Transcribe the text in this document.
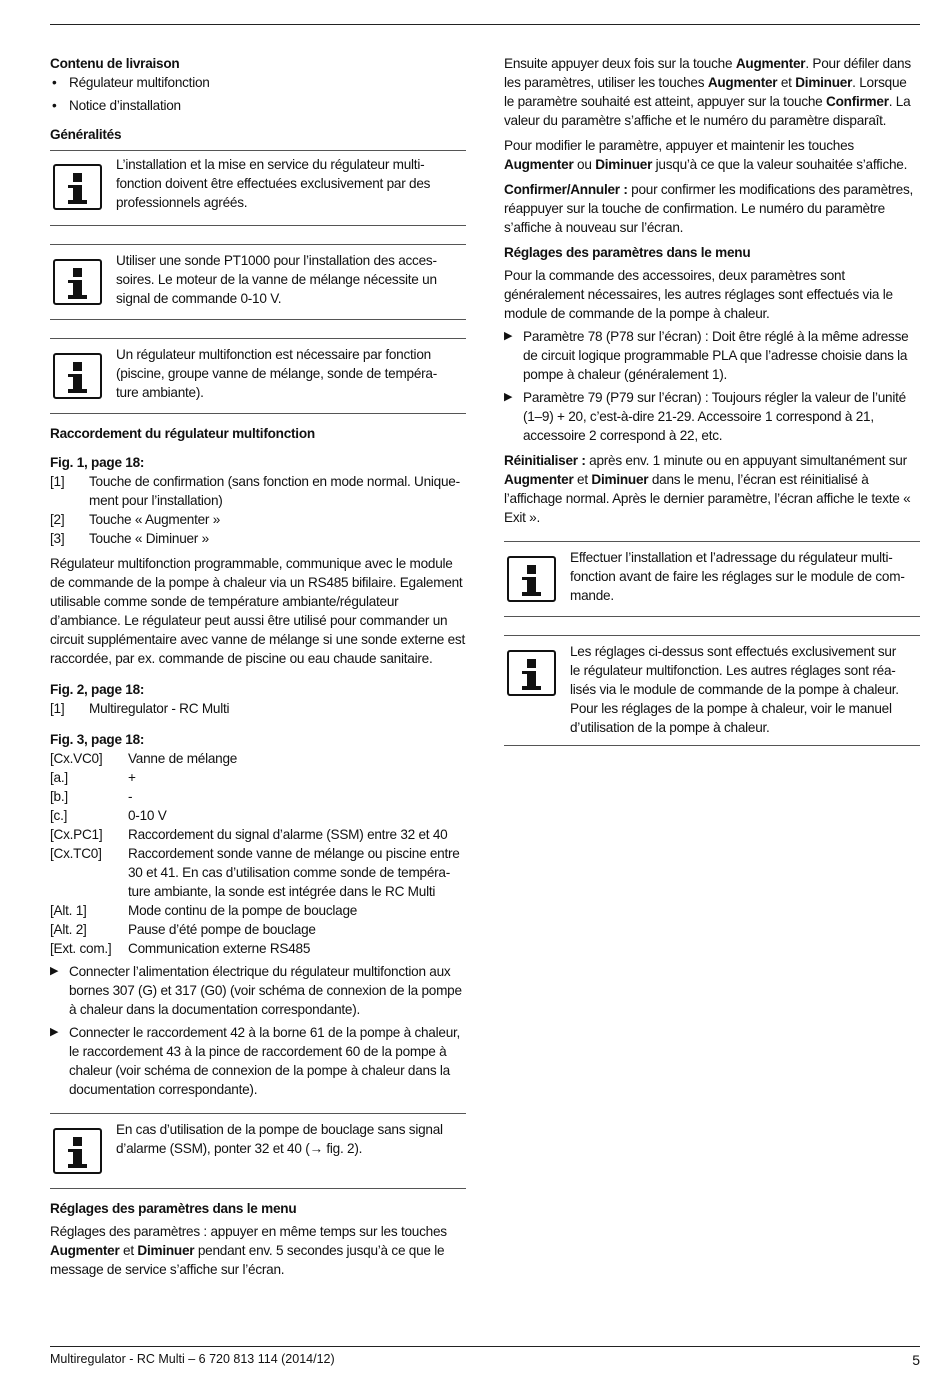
Contenu de livraison
• Régulateur multifonction
• Notice d’installation
Généralités

L’installation et la mise en service du régulateur multi-
fonction doivent être effectuées exclusivement par des
professionnels agréés.

Utiliser une sonde PT1000 pour l’installation des acces-
soires. Le moteur de la vanne de mélange nécessite un
signal de commande 0-10 V.

Un régulateur multifonction est nécessaire par fonction
(piscine, groupe vanne de mélange, sonde de tempéra-
ture ambiante).

Raccordement du régulateur multifonction
Fig. 1, page 18:
[1]	Touche de confirmation (sans fonction en mode normal. Unique-
ment pour l’installation)
[2]	Touche « Augmenter »
[3]	Touche « Diminuer »

Régulateur multifonction programmable, communique avec le module de commande de la pompe à chaleur via un RS485 bifilaire. Egalement utilisable comme sonde de température ambiante/régulateur d’ambiance. Le régulateur peut aussi être utilisé pour commander un circuit supplémentaire avec vanne de mélange si une sonde externe est raccordée, par ex. commande de piscine ou eau chaude sanitaire.

Fig. 2, page 18:
[1]	Multiregulator - RC Multi
Fig. 3, page 18:
[Cx.VC0]	Vanne de mélange
[a.]	+
[b.]	-
[c.]	0-10 V
[Cx.PC1]	Raccordement du signal d’alarme (SSM) entre 32 et 40
[Cx.TC0]	Raccordement sonde vanne de mélange ou piscine entre
30 et 41. En cas d’utilisation comme sonde de tempéra-
ture ambiante, la sonde est intégrée dans le RC Multi
[Alt. 1]	Mode continu de la pompe de bouclage
[Alt. 2]	Pause d’été pompe de bouclage
[Ext. com.]	Communication externe RS485
▶ Connecter l’alimentation électrique du régulateur multifonction aux bornes 307 (G) et 317 (G0) (voir schéma de connexion de la pompe à chaleur dans la documentation correspondante).
▶ Connecter le raccordement 42 à la borne 61 de la pompe à chaleur, le raccordement 43 à la pince de raccordement 60 de la pompe à chaleur (voir schéma de connexion de la pompe à chaleur dans la documentation correspondante).

En cas d’utilisation de la pompe de bouclage sans signal
d’alarme (SSM), ponter 32 et 40 (→ fig. 2).

Réglages des paramètres dans le menu

Réglages des paramètres : appuyer en même temps sur les touches Augmenter et Diminuer pendant env. 5 secondes jusqu’à ce que le message de service s’affiche sur l’écran.

Ensuite appuyer deux fois sur la touche Augmenter. Pour défiler dans les paramètres, utiliser les touches Augmenter et Diminuer. Lorsque le paramètre souhaité est atteint, appuyer sur la touche Confirmer. La valeur du paramètre s’affiche et le numéro du paramètre disparaît.

Pour modifier le paramètre, appuyer et maintenir les touches Augmenter ou Diminuer jusqu’à ce que la valeur souhaitée s’affiche.

Confirmer/Annuler : pour confirmer les modifications des paramètres, réappuyer sur la touche de confirmation. Le numéro du paramètre s’affiche à nouveau sur l’écran.

Réglages des paramètres dans le menu

Pour la commande des accessoires, deux paramètres sont généralement nécessaires, les autres réglages sont effectués via le module de commande de la pompe à chaleur.

▶ Paramètre 78 (P78 sur l’écran) : Doit être réglé à la même adresse de circuit logique programmable PLA que l’adresse choisie dans la pompe à chaleur (généralement 1).
▶ Paramètre 79 (P79 sur l’écran) : Toujours régler la valeur de l’unité (1–9) + 20, c’est-à-dire 21-29. Accessoire 1 correspond à 21, accessoire 2 correspond à 22, etc.

Réinitialiser : après env. 1 minute ou en appuyant simultanément sur Augmenter et Diminuer dans le menu, l’écran est réinitialisé à l’affichage normal. Après le dernier paramètre, l’écran affiche le texte « Exit ».

Effectuer l’installation et l’adressage du régulateur multi-
fonction avant de faire les réglages sur le module de com-
mande.

Les réglages ci-dessus sont effectués exclusivement sur
le régulateur multifonction. Les autres réglages sont réa-
lisés via le module de commande de la pompe à chaleur.
Pour les réglages de la pompe à chaleur, voir le manuel
d’utilisation de la pompe à chaleur.

Multiregulator - RC Multi – 6 720 813 114 (2014/12)	5
